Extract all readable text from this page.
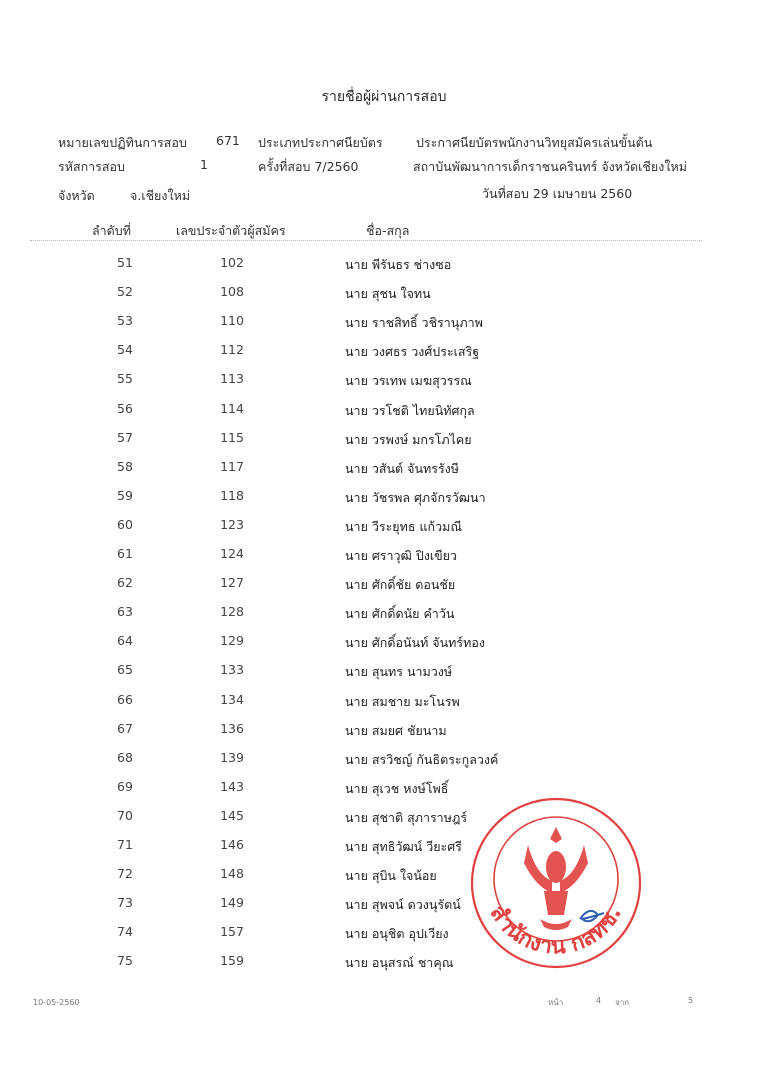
รายชื่อผู้ผ่านการสอบ
หมายเลขปฏิทินการสอบ 671
รหัสการสอบ	1
จังหวัด	จ.เชียงใหม่
ประเภทประกาศนียบัตร
ครั้งที่สอบ 7/2560
ประกาศนียบัตรพนักงานวิทยุสมัครเล่นขั้นต้น
สถาบันพัฒนาการเด็กราชนครินทร์ จังหวัดเชียงใหม่
วันที่สอบ 29 เมษายน 2560
ลำดับที่	เลขประจำตัวผู้สมัคร	ชื่อ-สกุล
51	102	นาย พีรันธร ช่างซอ
52	108	นาย สุชน ใจทน
53	110	นาย ราชสิทธิ์ วชิรานุภาพ
54	112	นาย วงศธร วงศ์ประเสริฐ
55	113	นาย วรเทพ เมฆสุวรรณ
56	114	นาย วรโชติ ไทยนิทัศกุล
57	115	นาย วรพงษ์ มกรโภไคย
58	117	นาย วสันต์ จันทรรังษี
59	118	นาย วัชรพล ศุภจักรวัฒนา
60	123	นาย วีระยุทธ แก้วมณี
61	124	นาย ศราวุฒิ ปิงเขียว
62	127	นาย ศักดิ์ชัย ดอนชัย
63	128	นาย ศักดิ์ดนัย คำวัน
64	129	นาย ศักดิ์อนันท์ จันทร์ทอง
65	133	นาย สุนทร นามวงษ์
66	134	นาย สมชาย มะโนรพ
67	136	นาย สมยศ ชัยนาม
68	139	นาย สรวิชญ์ กันธิตระกูลวงค์
69	143	นาย สุเวช หงษ์โพธิ์
70	145	นาย สุชาติ สุภาราษฎร์
71	146	นาย สุทธิวัฒน์ วียะศรี
72	148	นาย สุบิน ใจน้อย
73	149	นาย สุพจน์ ดวงนุรัตน์
74	157	นาย อนุชิต อุปเวียง
75	159	นาย อนุสรณ์ ชาคุณ
สำนักงาน กสทช.
10-05-2560	หน้า	4 จาก	5
